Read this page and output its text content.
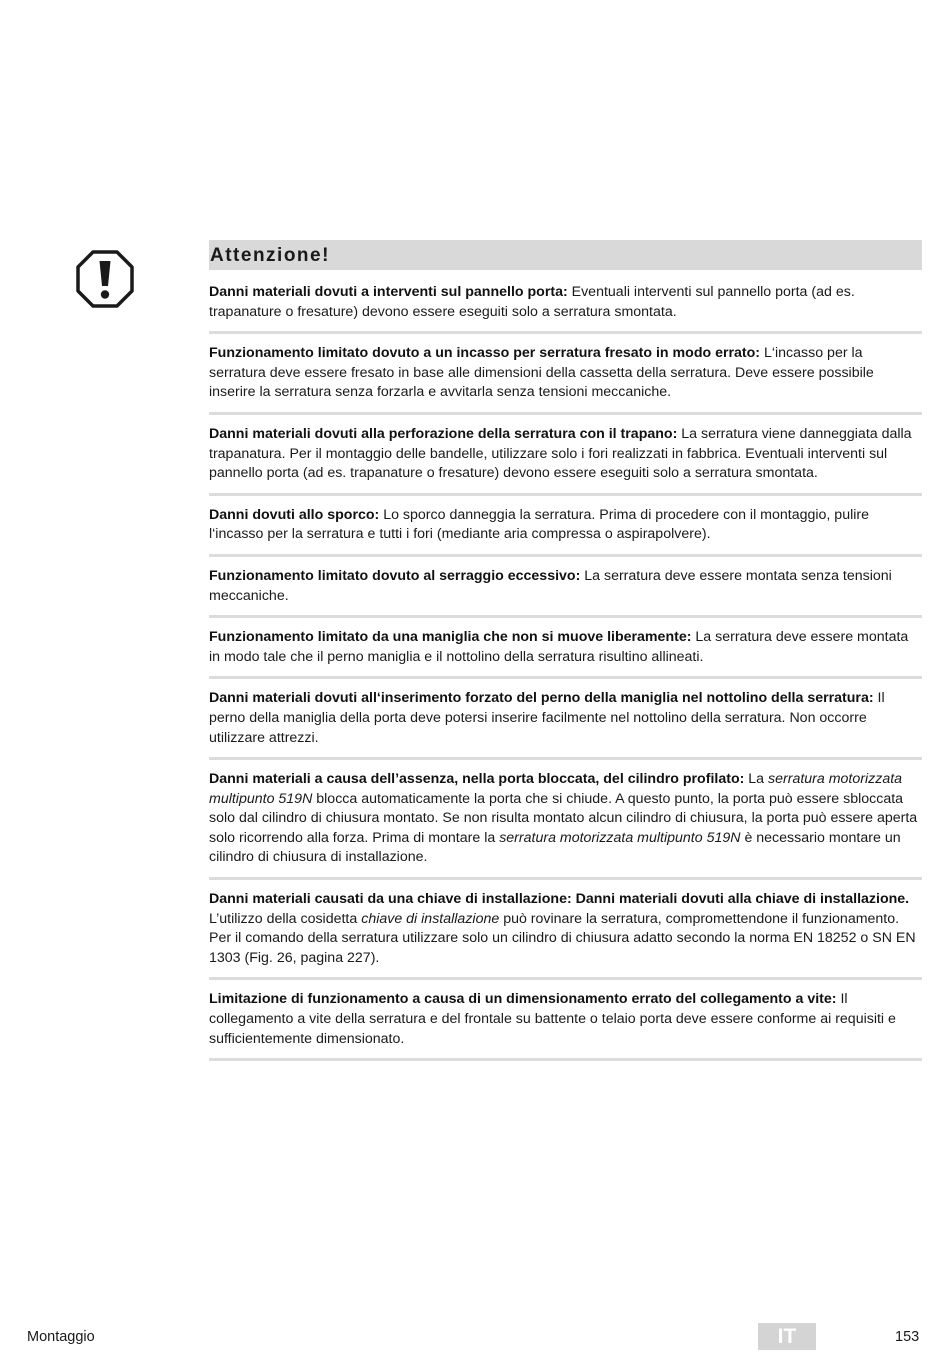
Attenzione!
Danni materiali dovuti a interventi sul pannello porta: Eventuali interventi sul pannello porta (ad es. trapanature o fresature) devono essere eseguiti solo a serratura smontata.
Funzionamento limitato dovuto a un incasso per serratura fresato in modo errato: L‘incasso per la serratura deve essere fresato in base alle dimensioni della cassetta della serratura. Deve essere possibile inserire la serratura senza forzarla e avvitarla senza tensioni meccaniche.
Danni materiali dovuti alla perforazione della serratura con il trapano: La serratura viene danneggiata dalla trapanatura. Per il montaggio delle bandelle, utilizzare solo i fori realizzati in fabbrica. Eventuali interventi sul pannello porta (ad es. trapanature o fresature) devono essere eseguiti solo a serratura smontata.
Danni dovuti allo sporco: Lo sporco danneggia la serratura. Prima di procedere con il montaggio, pulire l‘incasso per la serratura e tutti i fori (mediante aria compressa o aspirapolvere).
Funzionamento limitato dovuto al serraggio eccessivo: La serratura deve essere montata senza tensioni meccaniche.
Funzionamento limitato da una maniglia che non si muove liberamente: La serratura deve essere montata in modo tale che il perno maniglia e il nottolino della serratura risultino allineati.
Danni materiali dovuti all‘inserimento forzato del perno della maniglia nel nottolino della serratura: Il perno della maniglia della porta deve potersi inserire facilmente nel nottolino della serratura. Non occorre utilizzare attrezzi.
Danni materiali a causa dell’assenza, nella porta bloccata, del cilindro profilato: La serratura motorizzata multipunto 519N blocca automaticamente la porta che si chiude. A questo punto, la porta può essere sbloccata solo dal cilindro di chiusura montato. Se non risulta montato alcun cilindro di chiusura, la porta può essere aperta solo ricorrendo alla forza. Prima di montare la serratura motorizzata multipunto 519N è necessario montare un cilindro di chiusura di installazione.
Danni materiali causati da una chiave di installazione: Danni materiali dovuti alla chiave di installazione. L’utilizzo della cosidetta chiave di installazione può rovinare la serratura, compromettendone il funzionamento. Per il comando della serratura utilizzare solo un cilindro di chiusura adatto secondo la norma EN 18252 o SN EN 1303 (Fig. 26, pagina 227).
Limitazione di funzionamento a causa di un dimensionamento errato del collegamento a vite: Il collegamento a vite della serratura e del frontale su battente o telaio porta deve essere conforme ai requisiti e sufficientemente dimensionato.
Montaggio	IT	153
